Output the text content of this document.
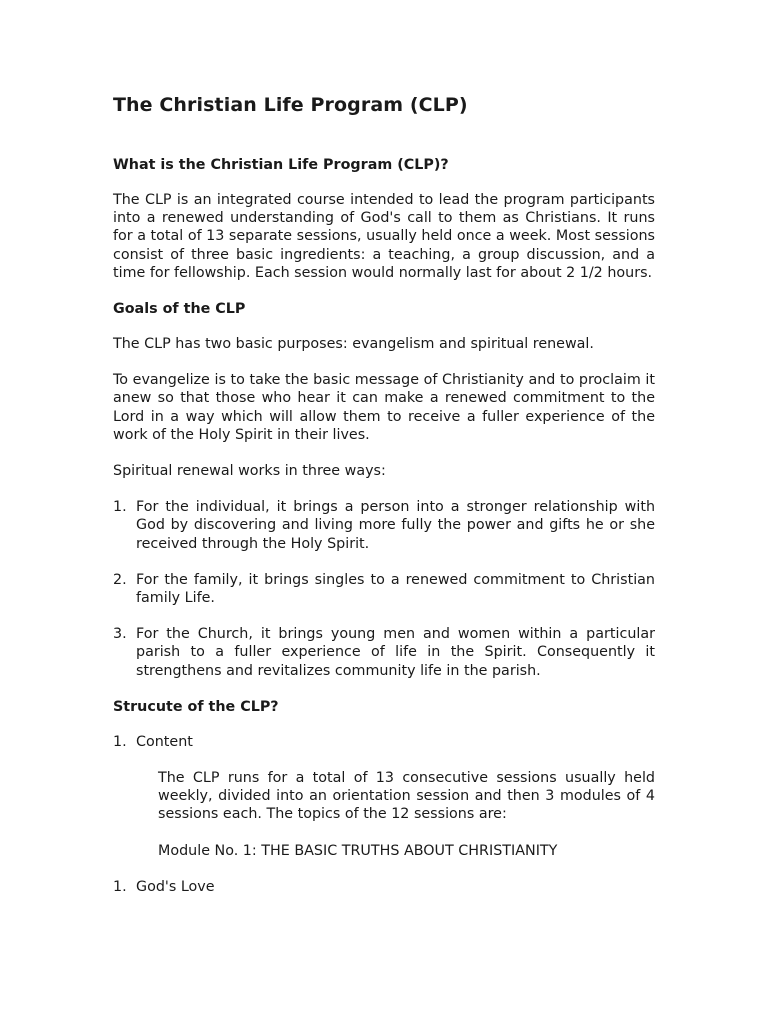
The Christian Life Program (CLP)
What is the Christian Life Program (CLP)?

The CLP is an integrated course intended to lead the program participants into a renewed understanding of God's call to them as Christians. It runs for a total of 13 separate sessions, usually held once a week. Most sessions consist of three basic ingredients: a teaching, a group discussion, and a time for fellowship. Each session would normally last for about 2 1/2 hours.

Goals of the CLP

The CLP has two basic purposes: evangelism and spiritual renewal.

To evangelize is to take the basic message of Christianity and to proclaim it anew so that those who hear it can make a renewed commitment to the Lord in a way which will allow them to receive a fuller experience of the work of the Holy Spirit in their lives.

Spiritual renewal works in three ways:

1. For the individual, it brings a person into a stronger relationship with God by discovering and living more fully the power and gifts he or she received through the Holy Spirit.
2. For the family, it brings singles to a renewed commitment to Christian family Life.
3. For the Church, it brings young men and women within a particular parish to a fuller experience of life in the Spirit. Consequently it strengthens and revitalizes community life in the parish.
Strucute of the CLP?
1. Content

The CLP runs for a total of 13 consecutive sessions usually held weekly, divided into an orientation session and then 3 modules of 4 sessions each. The topics of the 12 sessions are:

Module No. 1: THE BASIC TRUTHS ABOUT CHRISTIANITY

1. God's Love
